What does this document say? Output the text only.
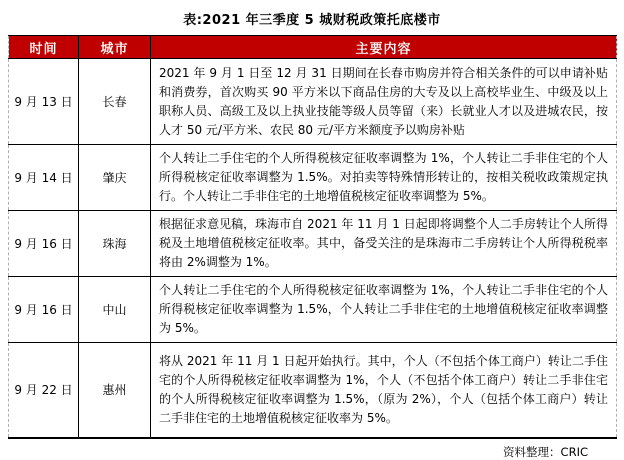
表:2021 年三季度 5 城财税政策托底楼市
时间	城市	主要内容
9 月 13 日	长春	2021 年 9 月 1 日至 12 月 31 日期间在长春市购房并符合相关条件的可以申请补贴和消费券，首次购买 90 平方米以下商品住房的大专及以上高校毕业生、中级及以上职称人员、高级工及以上执业技能等级人员等留（来）长就业人才以及进城农民，按人才 50 元/平方米、农民 80 元/平方米额度予以购房补贴
9 月 14 日	肇庆	个人转让二手住宅的个人所得税核定征收率调整为 1%，个人转让二手非住宅的个人所得税核定征收率调整为 1.5%。对拍卖等特殊情形转让的，按相关税收政策规定执行。个人转让二手非住宅的土地增值税核定征收率调整为 5%。
9 月 16 日	珠海	根据征求意见稿，珠海市自 2021 年 11 月 1 日起即将调整个人二手房转让个人所得税及土地增值税核定征收率。其中，备受关注的是珠海市二手房转让个人所得税税率将由 2%调整为 1%。
9 月 16 日	中山	个人转让二手住宅的个人所得税核定征收率调整为 1%，个人转让二手非住宅的个人所得税核定征收率调整为 1.5%，个人转让二手非住宅的土地增值税核定征收率调整为 5%。
9 月 22 日	惠州	将从 2021 年 11 月 1 日起开始执行。其中，个人（不包括个体工商户）转让二手住宅的个人所得税核定征收率调整为 1%，个人（不包括个体工商户）转让二手非住宅的个人所得税核定征收率调整为 1.5%，（原为 2%），个人（包括个体工商户）转让二手非住宅的土地增值税核定征收率为 5%。
资料整理：CRIC
